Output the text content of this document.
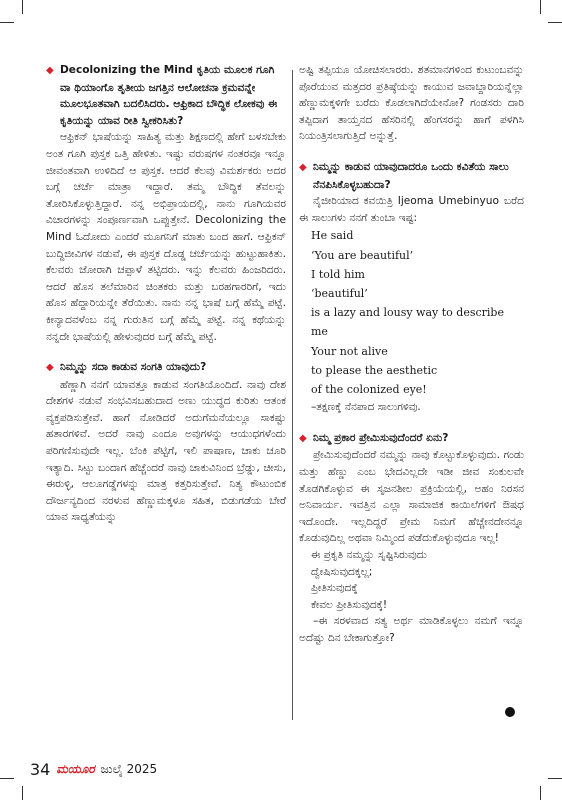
◆ Decolonizing the Mind ಕೃತಿಯ ಮೂಲಕ ಗೂಗಿ ವಾ ಥಿಯಾಂಗೊ ತೃತೀಯ ಜಗತ್ತಿನ ಆಲೋಚನಾ ಕ್ರಮವನ್ನೇ ಮೂಲಭೂತವಾಗಿ ಬದಲಿಸಿದರು. ಆಫ್ರಿಕಾದ ಬೌದ್ಧಿಕ ಲೋಕವು ಈ ಕೃತಿಯನ್ನು ಯಾವ ರೀತಿ ಸ್ವೀಕರಿಸಿತು?

ಆಫ್ರಿಕನ್ ಭಾಷೆಯನ್ನು ಸಾಹಿತ್ಯ ಮತ್ತು ಶಿಕ್ಷಣದಲ್ಲಿ ಹೇಗೆ ಬಳಸಬೇಕು ಅಂತ ಗೂಗಿ ಪುಸ್ತಕ ಒತ್ತಿ ಹೇಳಿತು. ಇಷ್ಟು ವರುಷಗಳ ನಂತರವೂ ಇನ್ನೂ ಜೀವಂತವಾಗಿ ಉಳಿದಿದೆ ಆ ಪುಸ್ತಕ. ಆದರೆ ಕೆಲವು ವಿಮರ್ಶಕರು ಅದರ ಬಗ್ಗೆ ಚರ್ಚೆ ಮಾತ್ರಾ ಇದ್ದಾರೆ. ತಮ್ಮ ಬೌದ್ಧಿಕ ತೆವಲನ್ನು ತೋರಿಸಿಕೊಳ್ಳುತ್ತಿದ್ದಾರೆ. ನನ್ನ ಅಭಿಪ್ರಾಯದಲ್ಲಿ, ನಾನು ಗೂಗಿಯವರ ವಿಚಾರಗಳನ್ನು ಸಂಪೂರ್ಣವಾಗಿ ಒಪ್ಪುತ್ತೇನೆ. Decolonizing the Mind ಓದೋದು ಎಂದರೆ ಮೂಗನಿಗೆ ಮಾತು ಬಂದ ಹಾಗೆ. ಆಫ್ರಿಕನ್ ಬುದ್ಧಿಜೀವಿಗಳ ನಡುವೆ, ಈ ಪುಸ್ತಕ ದೊಡ್ಡ ಚರ್ಚೆಯನ್ನು ಹುಟ್ಟುಹಾಕಿತು. ಕೆಲವರು ಜೋರಾಗಿ ಚಪ್ಪಾಳೆ ತಟ್ಟಿದರು. ಇನ್ನು ಕೆಲವರು ಹಿಂಜರಿದರು. ಆದರೆ ಹೊಸ ತಲೆಮಾರಿನ ಚಿಂತಕರು ಮತ್ತು ಬರಹಗಾರರಿಗೆ, ಇದು ಹೊಸ ಹೆದ್ದಾರಿಯನ್ನೇ ತೆರೆಯಿತು. ನಾನು ನನ್ನ ಭಾಷೆ ಬಗ್ಗೆ ಹೆಮ್ಮೆ ಪಟ್ಟೆ. ಕೀನ್ಯಾದವಳೆಂಬ ನನ್ನ ಗುರುತಿನ ಬಗ್ಗೆ ಹೆಮ್ಮೆ ಪಟ್ಟೆ. ನನ್ನ ಕಥೆಯನ್ನು ನನ್ನದೇ ಭಾಷೆಯಲ್ಲಿ ಹೇಳುವುದರ ಬಗ್ಗೆ ಹೆಮ್ಮೆ ಪಟ್ಟೆ.

◆ ನಿಮ್ಮನ್ನು ಸದಾ ಕಾಡುವ ಸಂಗತಿ ಯಾವುದು?

ಹೆಣ್ಣಾಗಿ ನನಗೆ ಯಾವತ್ತೂ ಕಾಡುವ ಸಂಗತಿಯೊಂದಿದೆ. ನಾವು ದೇಶ ದೇಶಗಳ ನಡುವೆ ಸಂಭವಿಸಬಹುದಾದ ಅಣು ಯುದ್ಧದ ಕುರಿತು ಆತಂಕ ವ್ಯಕ್ತಪಡಿಸುತ್ತೇವೆ. ಹಾಗೆ ನೋಡಿದರೆ ಅದುಗೆಮನೆಯಲ್ಲೂ ಸಾಕಷ್ಟು ಹತಾರಗಳಿವೆ. ಅದರೆ ನಾವು ಎಂದೂ ಅವುಗಳನ್ನು ಆಯುಧಗಳೆಂದು ಪರಿಗಣಿಸುವುದೇ ಇಲ್ಲ. ಬೆಂಕಿ ಪೆಟ್ಟಿಗೆ, ಇಲಿ ಪಾಷಾಣ, ಚಾಕು ಚೂರಿ ಇತ್ಯಾದಿ. ಸಿಟ್ಟು ಬಂದಾಗ ಹೆಚ್ಚೆಂದರೆ ನಾವು ಚಾಕುವಿನಿಂದ ಬ್ರೆಡ್ಡು, ಚೀಸು, ಈರುಳ್ಳಿ, ಆಲೂಗಡ್ಡೆಗಳನ್ನು ಮಾತ್ರ ಕತ್ತರಿಸುತ್ತೇವೆ. ನಿತ್ಯ ಕೌಟುಂಬಿಕ ದೌರ್ಜನ್ಯದಿಂದ ನರಳುವ ಹೆಣ್ಣುಮಕ್ಕಳೂ ಸಹಿತ, ಬಿಡುಗಡೆಯ ಬೇರೆ ಯಾವ ಸಾಧ್ಯತೆಯನ್ನು

ಅಷ್ಟಿ ತಪ್ಪಿಯೂ ಯೋಚಿಸಲಾರರು. ಶತಮಾನಗಳಿಂದ ಕುಟುಂಬವನ್ನು ಪೊರೆಯುವ ಮತ್ತದರ ಪ್ರತಿಷ್ಠೆಯನ್ನು ಕಾಯುವ ಜವಾಬ್ದಾರಿಯನ್ನೆಲ್ಲಾ ಹೆಣ್ಣುಮಕ್ಕಳಿಗೇ ಬರೆದು ಕೊಡಲಾಗಿದೆಯೇನೋ? ಗಂಡಸರು ದಾರಿ ತಪ್ಪಿದಾಗ ತಾಯ್ತನದ ಹೆಸರಿನಲ್ಲಿ ಹೆಂಗಸರನ್ನು ಹಾಗೆ ಪಳಗಿಸಿ ನಿಯಂತ್ರಿಸಲಾಗುತ್ತಿದೆ ಅನ್ನುತ್ತೆ.

◆ ನಿಮ್ಮನ್ನು ಕಾಡುವ ಯಾವುದಾದರೂ ಒಂದು ಕವಿತೆಯ ಸಾಲು ನೆನಪಿಸಿಕೊಳ್ಳಬಹುದಾ?

ನೈಜೀರಿಯಾದ ಕವಯಿತ್ರಿ Ijeoma Umebinyuo ಬರೆದ ಈ ಸಾಲುಗಳು ನನಗೆ ತುಂಬಾ ಇಷ್ಟ:

He said
‘You are beautiful’
I told him
‘beautiful’
is a lazy and lousy way to describe me
Your not alive
to please the aesthetic
of the colonized eye!
–ತಕ್ಷಣಕ್ಕೆ ನೆನಪಾದ ಸಾಲುಗಳಿವು.

◆ ನಿಮ್ಮ ಪ್ರಕಾರ ಪ್ರೇಮಿಸುವುದೆಂದರೆ ಏನು?

ಪ್ರೇಮಿಸುವುದೆಂದರೆ ನಮ್ಮನ್ನು ನಾವು ಕೊಟ್ಟುಕೊಳ್ಳುವುದು. ಗಂಡು ಮತ್ತು ಹೆಣ್ಣು ಎಂಬ ಭೇದವಿಲ್ಲದೇ ಇಡೀ ಜೀವ ಸಂಕುಲವೇ ತೊಡಗಿಕೊಳ್ಳುವ ಈ ಸೃಜನಶೀಲ ಪ್ರಕ್ರಿಯೆಯಲ್ಲಿ, ಅಹಂ ನಿರಸನ ಅನಿವಾರ್ಯ. ಇವತ್ತಿನ ಎಲ್ಲಾ ಸಾಮಾಜಿಕ ಕಾಯಿಲೆಗಳಿಗೆ ಔಷಧ ಇದೊಂದೇ. ಇಲ್ಲದಿದ್ದರೆ ಪ್ರೇಮ ನಿಮಗೆ ಹೆಚ್ಚೇನದೇನನ್ನೂ ಕೊಡುವುದಿಲ್ಲ ಅಥವಾ ನಿಮ್ಮಿಂದ ಪಡೆದುಕೊಳ್ಳುವುದೂ ಇಲ್ಲ!

ಈ ಪ್ರಕೃತಿ ನಮ್ಮನ್ನು ಸೃಷ್ಟಿಸಿರುವುದು
ದ್ವೇಷಿಸುವುದಕ್ಕಲ್ಲ;
ಪ್ರೀತಿಸುವುದಕ್ಕೆ
ಕೇವಲ ಪ್ರೀತಿಸುವುದಕ್ಕೆ!

–ಈ ಸರಳವಾದ ಸತ್ಯ ಅರ್ಥ ಮಾಡಿಕೊಳ್ಳಲು ನಮಗೆ ಇನ್ನೂ ಅದೆಷ್ಟು ದಿನ ಬೇಕಾಗುತ್ತೋ?

34 ಮಯೂರ ಜುಲೈ 2025
